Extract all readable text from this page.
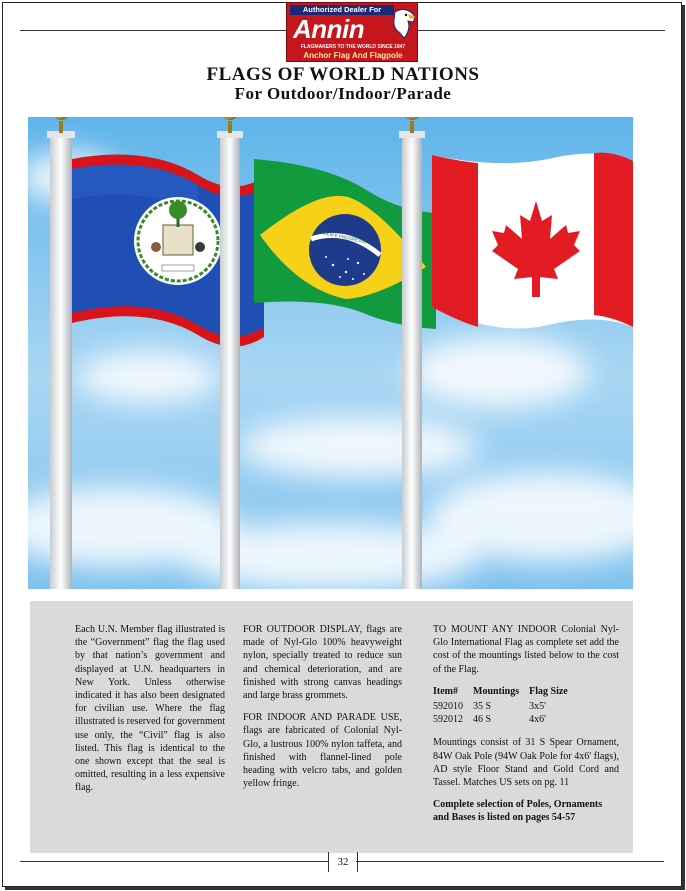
Authorized Dealer For
Annin
FLAGMAKERS TO THE WORLD SINCE 1847
Anchor Flag And Flagpole
FLAGS OF WORLD NATIONS
For Outdoor/Indoor/Parade
ORDEM E PROGRESSO

Each U.N. Member flag illustrated is the “Government” flag the flag used by that nation’s government and displayed at U.N. headquarters in New York. Unless otherwise indicated it has also been designated for civilian use. Where the flag illustrated is reserved for government use only, the “Civil” flag is also listed. This flag is identical to the one shown except that the seal is omitted, resulting in a less expensive flag.

FOR OUTDOOR DISPLAY, flags are made of Nyl-Glo 100% heavyweight nylon, specially treated to reduce sun and chemical deterioration, and are finished with strong canvas headings and large brass grommets.

FOR INDOOR AND PARADE USE, flags are fabricated of Colonial Nyl-Glo, a lustrous 100% nylon taffeta, and finished with flannel-lined pole heading with velcro tabs, and golden yellow fringe.

TO MOUNT ANY INDOOR Colonial Nyl-Glo International Flag as complete set add the cost of the mountings listed below to the cost of the Flag.

Item#	Mountings	Flag Size
592010	35 S	3x5'
592012	46 S	4x6'

Mountings consist of 31 S Spear Ornament, 84W Oak Pole (94W Oak Pole for 4x6' flags), AD style Floor Stand and Gold Cord and Tassel. Matches US sets on pg. 11

Complete selection of Poles, Ornaments and Bases is listed on pages 54-57

32
